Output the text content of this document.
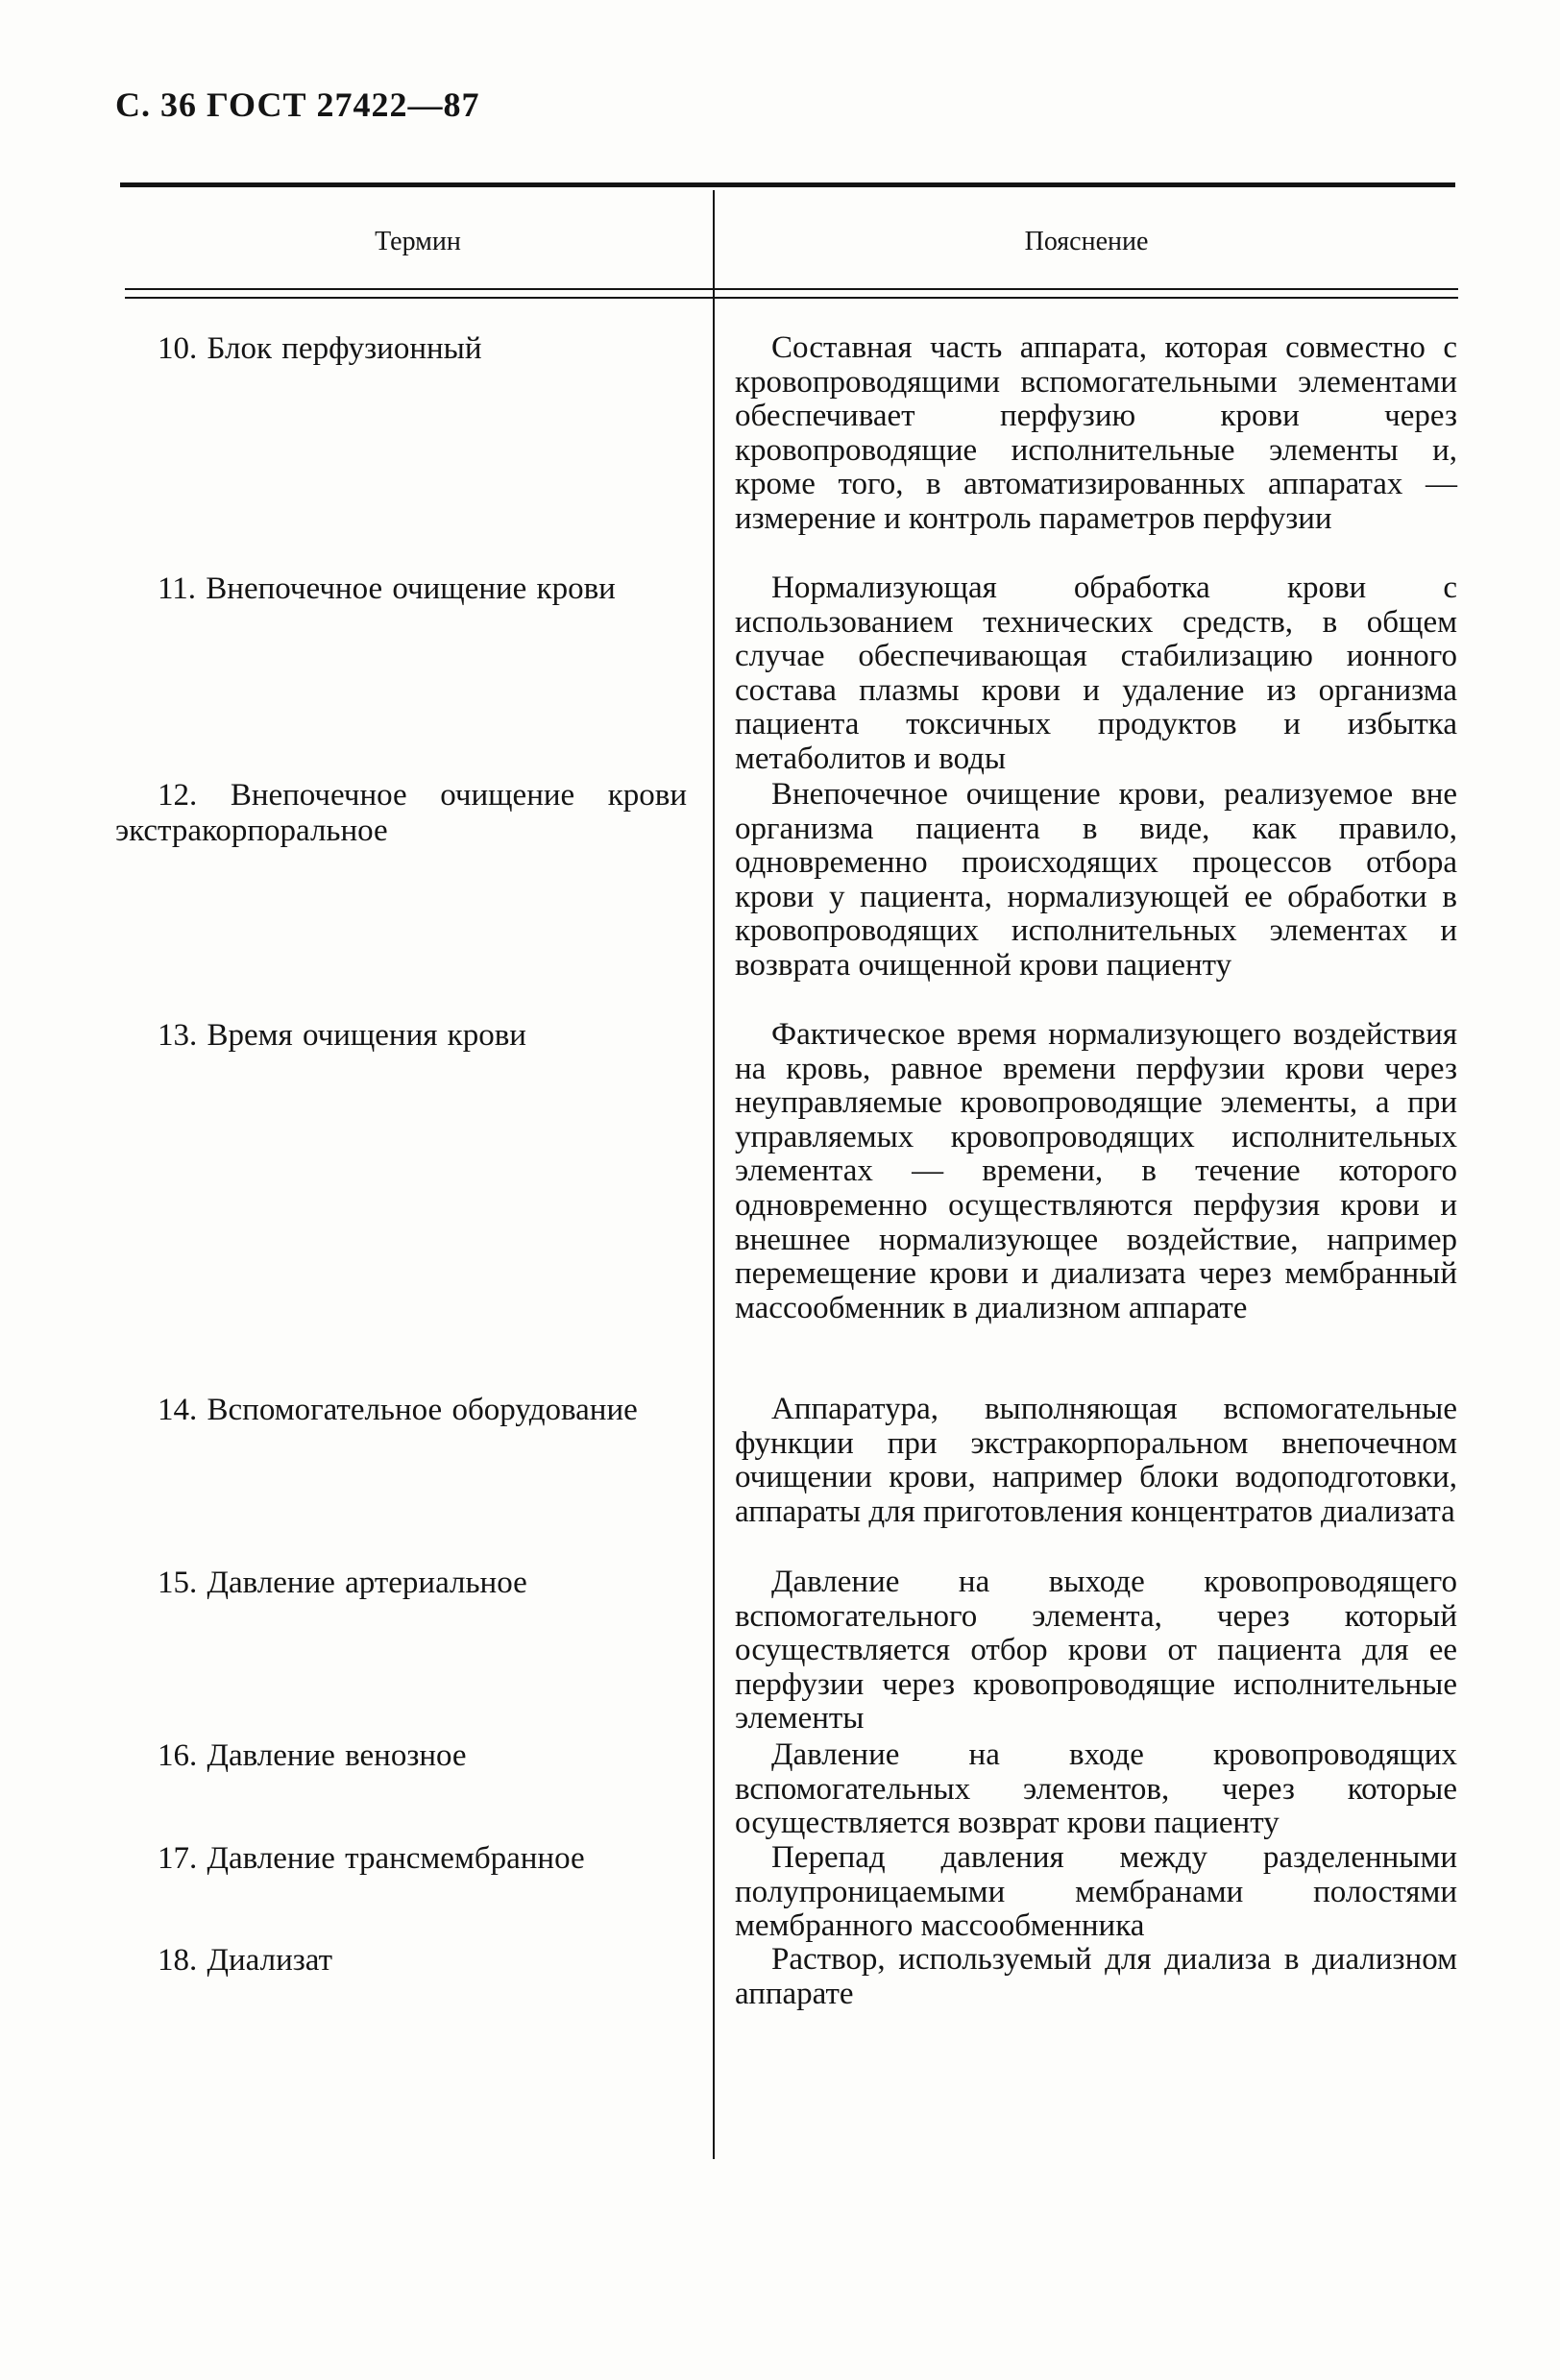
С. 36 ГОСТ 27422—87
Термин	Пояснение

10. Блок перфузионный

11. Внепочечное очищение крови

12. Внепочечное очищение крови экстракорпоральное

13. Время очищения крови

14. Вспомогательное оборудование

15. Давление артериальное

16. Давление венозное

17. Давление трансмембранное

18. Диализат

Составная часть аппарата, которая совместно с кровопроводящими вспомогательными элементами обеспечивает перфузию крови через кровопроводящие исполнительные элементы и, кроме того, в автоматизированных аппаратах — измерение и контроль параметров перфузии

Нормализующая обработка крови с использованием технических средств, в общем случае обеспечивающая стабилизацию ионного состава плазмы крови и удаление из организма пациента токсичных продуктов и избытка метаболитов и воды

Внепочечное очищение крови, реализуемое вне организма пациента в виде, как правило, одновременно происходящих процессов отбора крови у пациента, нормализующей ее обработки в кровопроводящих исполнительных элементах и возврата очищенной крови пациенту

Фактическое время нормализующего воздействия на кровь, равное времени перфузии крови через неуправляемые кровопроводящие элементы, а при управляемых кровопроводящих исполнительных элементах — времени, в течение которого одновременно осуществляются перфузия крови и внешнее нормализующее воздействие, например перемещение крови и диализата через мембранный массообменник в диализном аппарате

Аппаратура, выполняющая вспомогательные функции при экстракорпоральном внепочечном очищении крови, например блоки водоподготовки, аппараты для приготовления концентратов диализата

Давление на выходе кровопроводящего вспомогательного элемента, через который осуществляется отбор крови от пациента для ее перфузии через кровопроводящие исполнительные элементы

Давление на входе кровопроводящих вспомогательных элементов, через которые осуществляется возврат крови пациенту

Перепад давления между разделенными полупроницаемыми мембранами полостями мембранного массообменника

Раствор, используемый для диализа в диализном аппарате
